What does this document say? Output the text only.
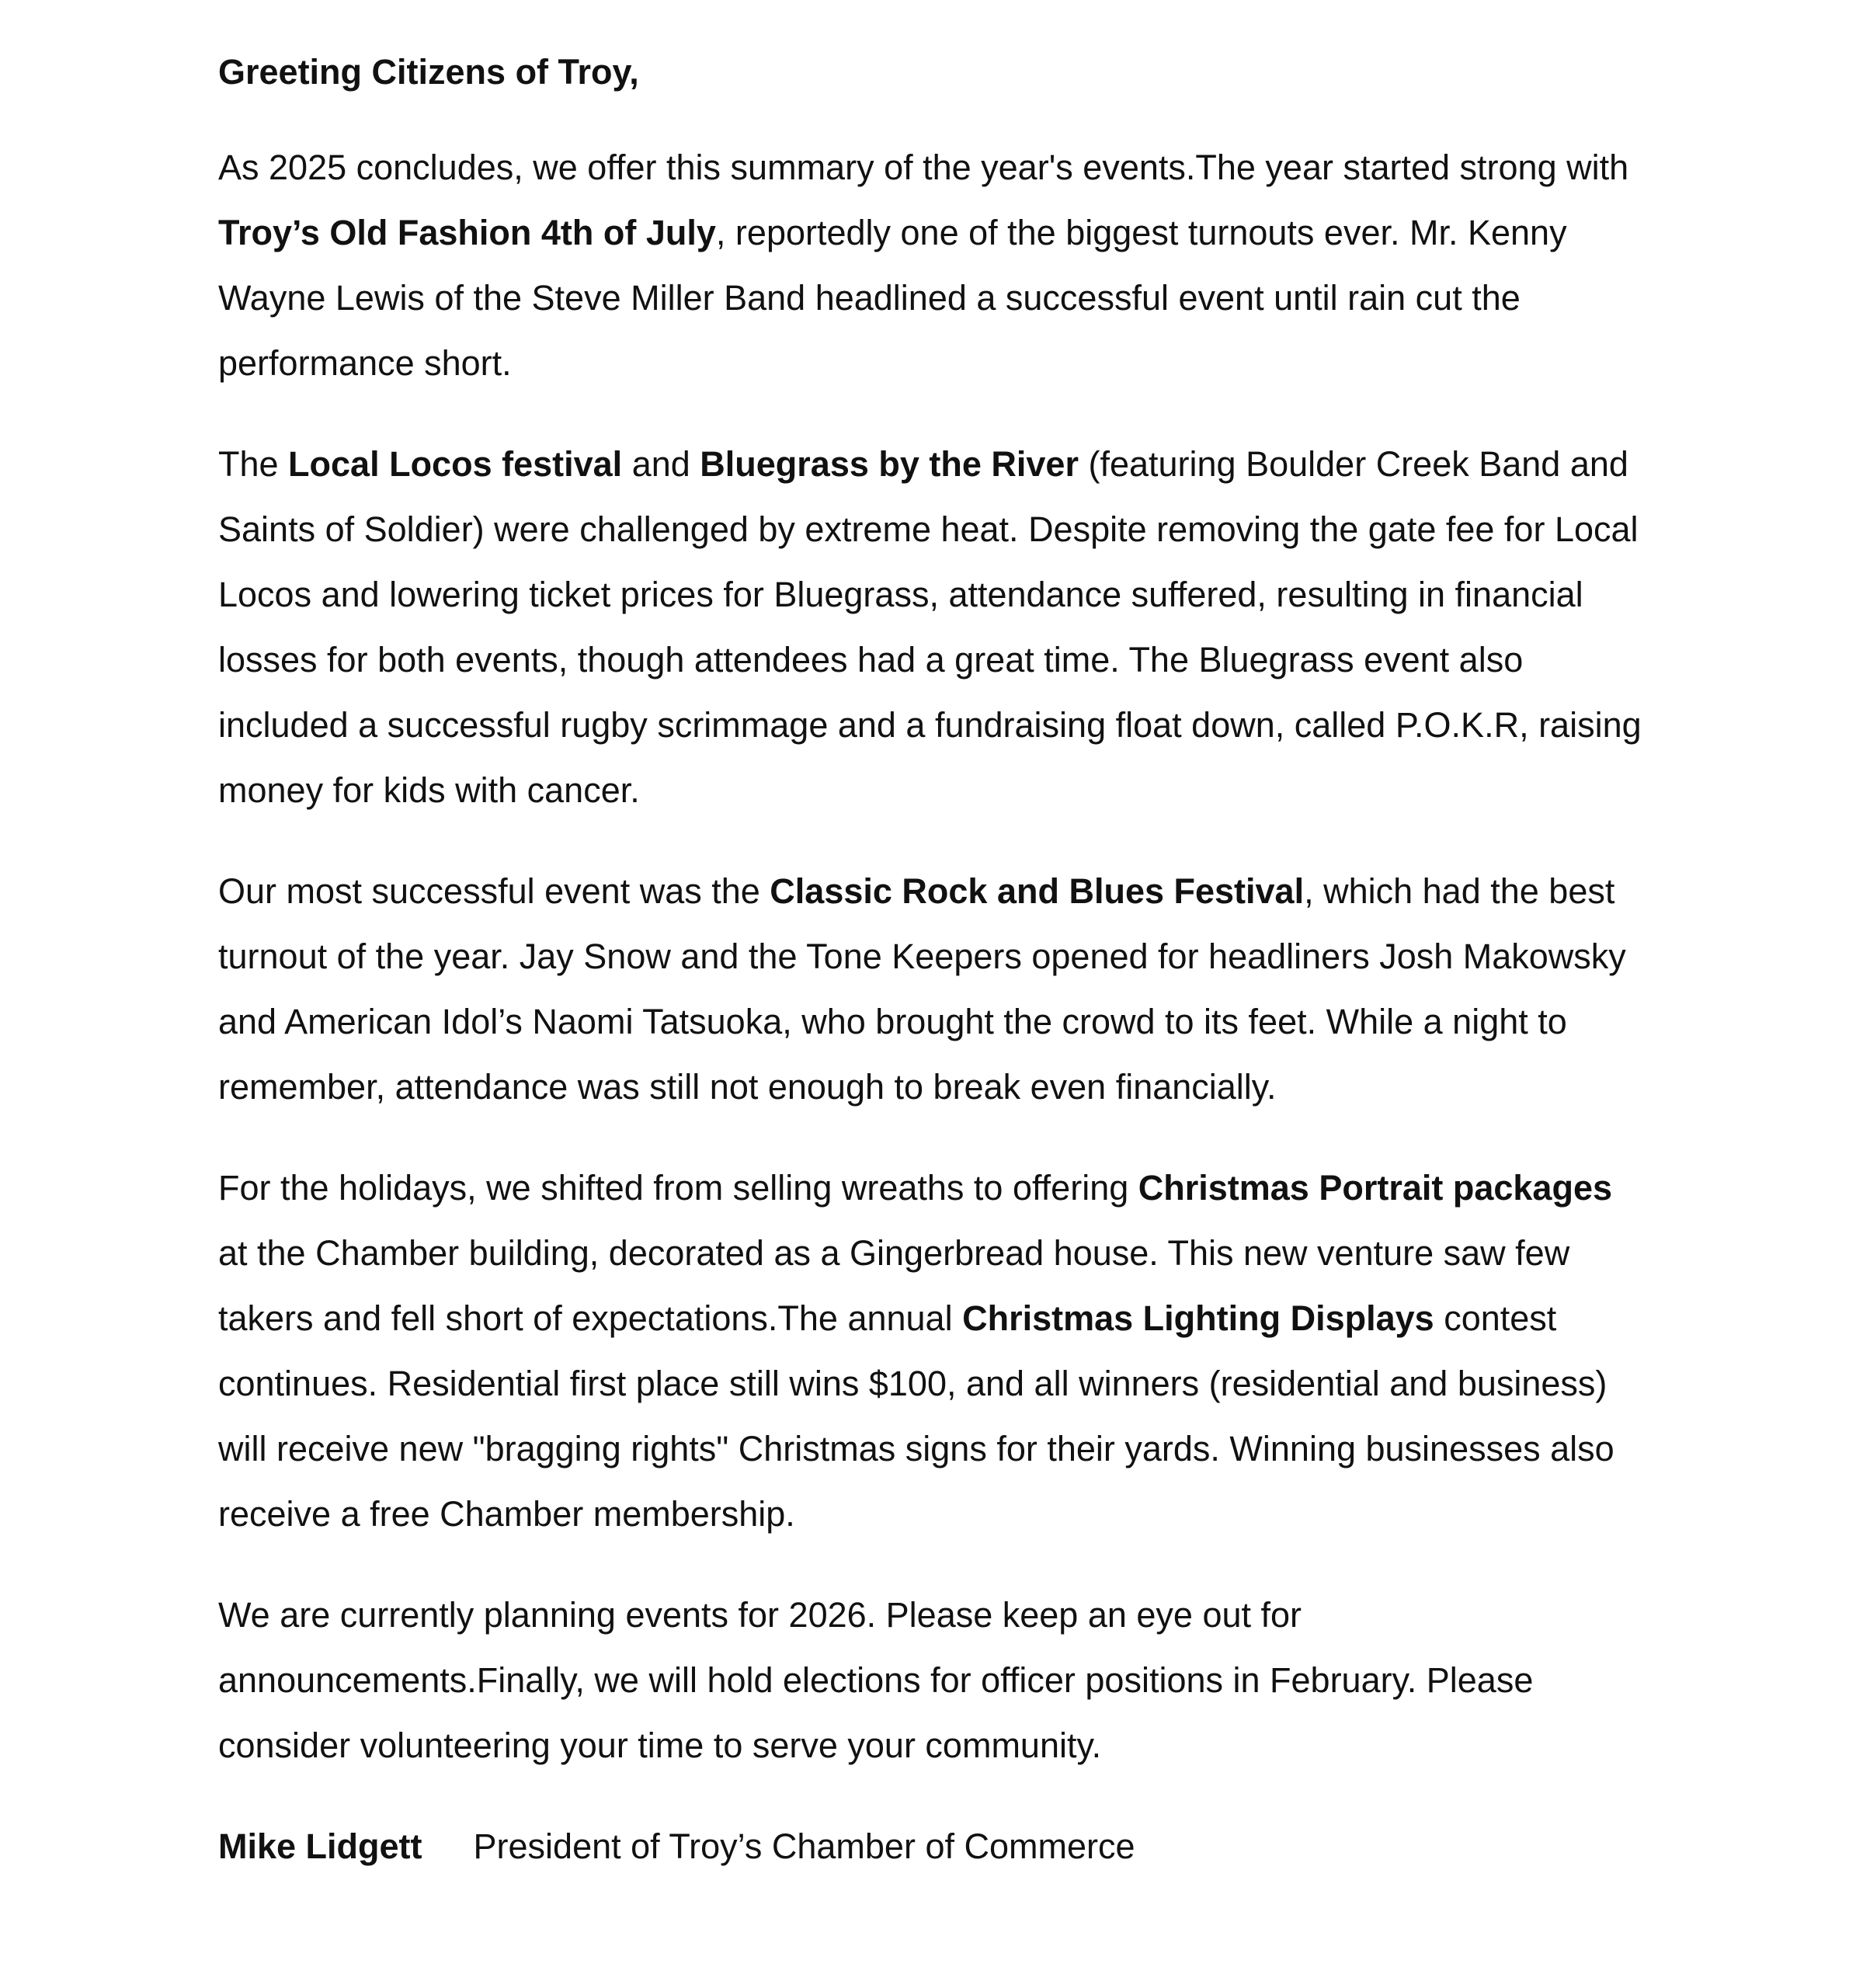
Greeting Citizens of Troy,

As 2025 concludes, we offer this summary of the year's events.The year started strong with Troy’s Old Fashion 4th of July, reportedly one of the biggest turnouts ever. Mr. Kenny Wayne Lewis of the Steve Miller Band headlined a successful event until rain cut the performance short.

The Local Locos festival and Bluegrass by the River (featuring Boulder Creek Band and Saints of Soldier) were challenged by extreme heat. Despite removing the gate fee for Local Locos and lowering ticket prices for Bluegrass, attendance suffered, resulting in financial losses for both events, though attendees had a great time. The Bluegrass event also included a successful rugby scrimmage and a fundraising float down, called P.O.K.R, raising money for kids with cancer.

Our most successful event was the Classic Rock and Blues Festival, which had the best turnout of the year. Jay Snow and the Tone Keepers opened for headliners Josh Makowsky and American Idol’s Naomi Tatsuoka, who brought the crowd to its feet. While a night to remember, attendance was still not enough to break even financially.

For the holidays, we shifted from selling wreaths to offering Christmas Portrait packages at the Chamber building, decorated as a Gingerbread house. This new venture saw few takers and fell short of expectations.The annual Christmas Lighting Displays contest continues. Residential first place still wins $100, and all winners (residential and business) will receive new "bragging rights" Christmas signs for their yards. Winning businesses also receive a free Chamber membership.

We are currently planning events for 2026. Please keep an eye out for announcements.Finally, we will hold elections for officer positions in February. Please consider volunteering your time to serve your community.

Mike Lidgett President of Troy’s Chamber of Commerce
